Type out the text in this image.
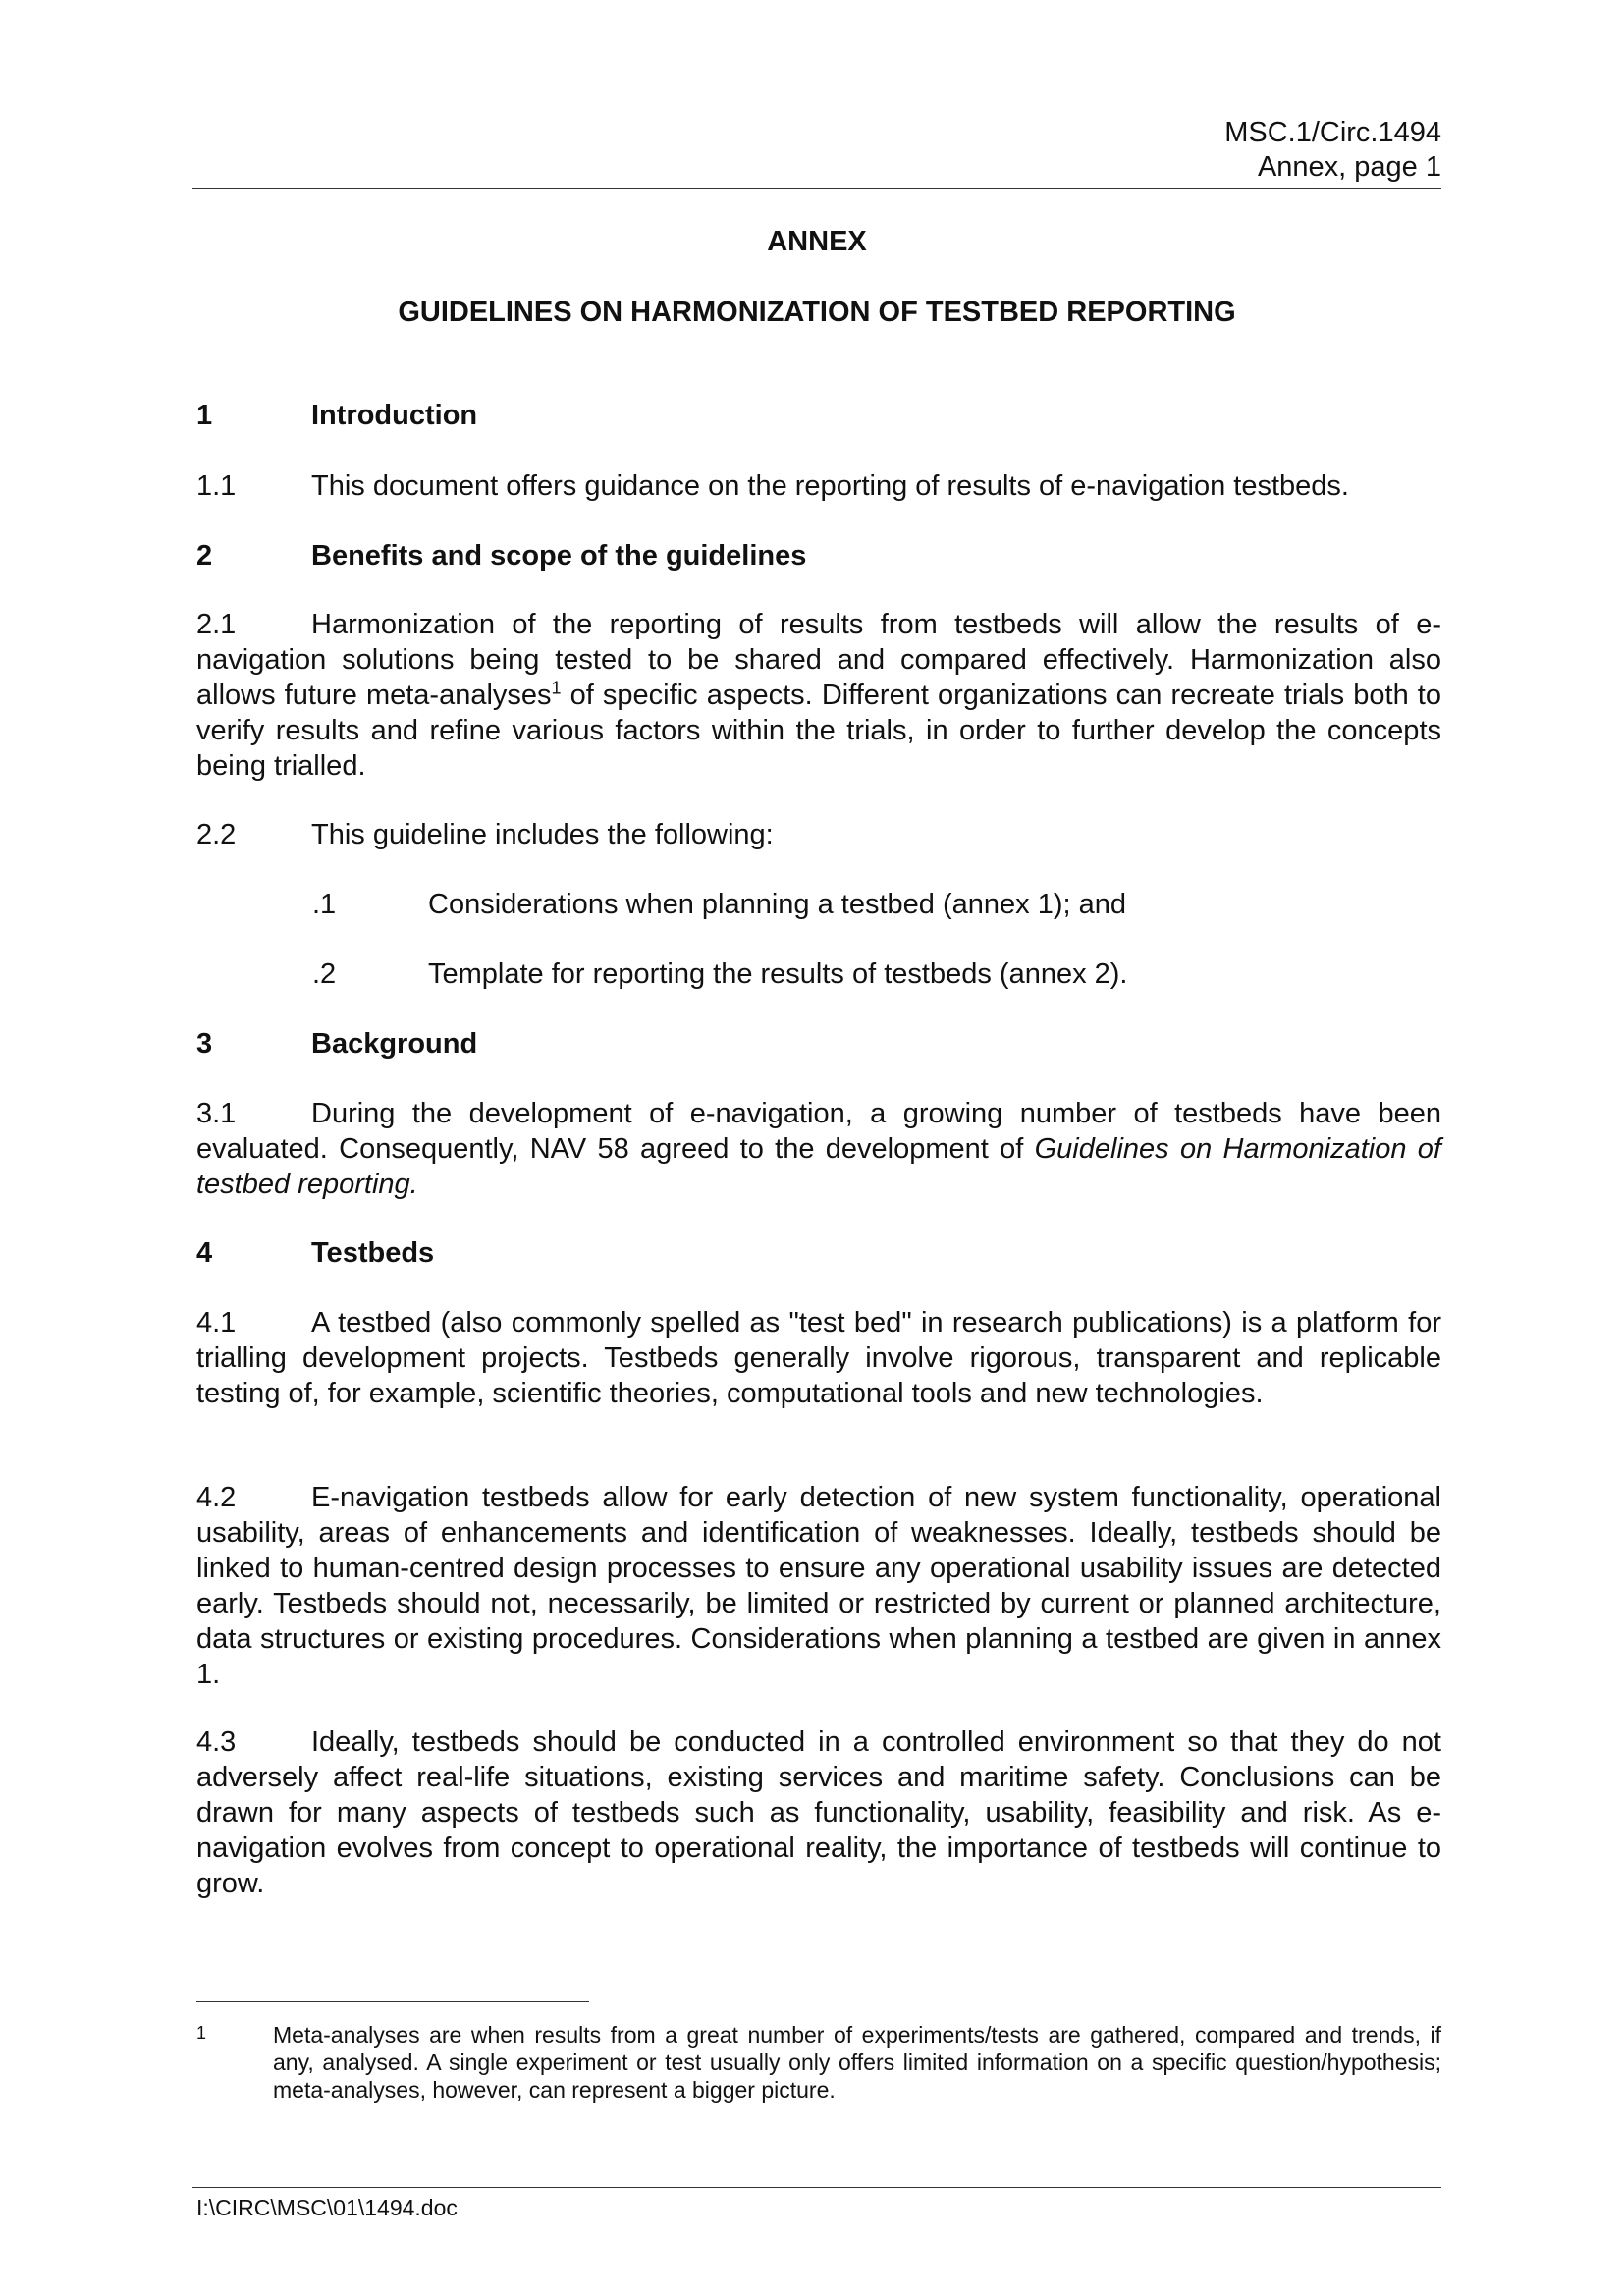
MSC.1/Circ.1494
Annex, page 1
ANNEX
GUIDELINES ON HARMONIZATION OF TESTBED REPORTING
1	Introduction
1.1	This document offers guidance on the reporting of results of e-navigation testbeds.
2	Benefits and scope of the guidelines
2.1	Harmonization of the reporting of results from testbeds will allow the results of e-navigation solutions being tested to be shared and compared effectively. Harmonization also allows future meta-analyses$^1$ of specific aspects. Different organizations can recreate trials both to verify results and refine various factors within the trials, in order to further develop the concepts being trialled.
2.2	This guideline includes the following:
.1	Considerations when planning a testbed (annex 1); and
.2	Template for reporting the results of testbeds (annex 2).
3	Background
3.1	During the development of e-navigation, a growing number of testbeds have been evaluated. Consequently, NAV 58 agreed to the development of Guidelines on Harmonization of testbed reporting.
4	Testbeds
4.1	A testbed (also commonly spelled as "test bed" in research publications) is a platform for trialling development projects. Testbeds generally involve rigorous, transparent and replicable testing of, for example, scientific theories, computational tools and new technologies.
4.2	E-navigation testbeds allow for early detection of new system functionality, operational usability, areas of enhancements and identification of weaknesses. Ideally, testbeds should be linked to human-centred design processes to ensure any operational usability issues are detected early. Testbeds should not, necessarily, be limited or restricted by current or planned architecture, data structures or existing procedures. Considerations when planning a testbed are given in annex 1.
4.3	Ideally, testbeds should be conducted in a controlled environment so that they do not adversely affect real-life situations, existing services and maritime safety. Conclusions can be drawn for many aspects of testbeds such as functionality, usability, feasibility and risk. As e-navigation evolves from concept to operational reality, the importance of testbeds will continue to grow.
1	Meta-analyses are when results from a great number of experiments/tests are gathered, compared and trends, if any, analysed. A single experiment or test usually only offers limited information on a specific question/hypothesis; meta-analyses, however, can represent a bigger picture.
I:\CIRC\MSC\01\1494.doc
